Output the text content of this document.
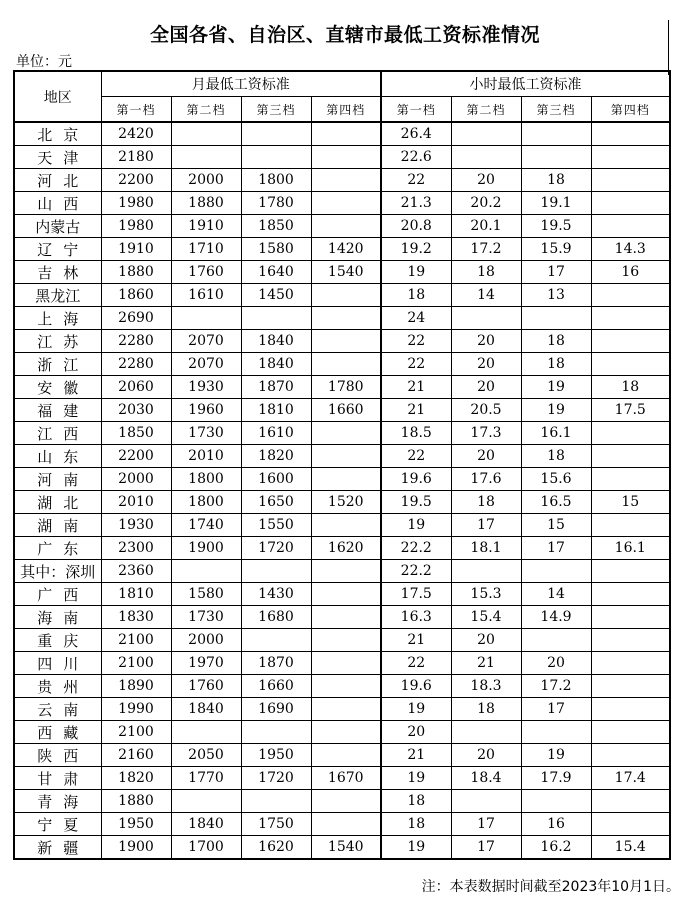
全国各省、自治区、直辖市最低工资标准情况
单位：元
地区	月最低工资标准				小时最低工资标准			
	第一档	第二档	第三档	第四档	第一档	第二档	第三档	第四档
北京	2420				26.4			
天津	2180				22.6			
河北	2200	2000	1800		22	20	18	
山西	1980	1880	1780		21.3	20.2	19.1	
内蒙古	1980	1910	1850		20.8	20.1	19.5	
辽宁	1910	1710	1580	1420	19.2	17.2	15.9	14.3
吉林	1880	1760	1640	1540	19	18	17	16
黑龙江	1860	1610	1450		18	14	13	
上海	2690				24			
江苏	2280	2070	1840		22	20	18	
浙江	2280	2070	1840		22	20	18	
安徽	2060	1930	1870	1780	21	20	19	18
福建	2030	1960	1810	1660	21	20.5	19	17.5
江西	1850	1730	1610		18.5	17.3	16.1	
山东	2200	2010	1820		22	20	18	
河南	2000	1800	1600		19.6	17.6	15.6	
湖北	2010	1800	1650	1520	19.5	18	16.5	15
湖南	1930	1740	1550		19	17	15	
广东	2300	1900	1720	1620	22.2	18.1	17	16.1
其中：深圳	2360				22.2			
广西	1810	1580	1430		17.5	15.3	14	
海南	1830	1730	1680		16.3	15.4	14.9	
重庆	2100	2000			21	20		
四川	2100	1970	1870		22	21	20	
贵州	1890	1760	1660		19.6	18.3	17.2	
云南	1990	1840	1690		19	18	17	
西藏	2100				20			
陕西	2160	2050	1950		21	20	19	
甘肃	1820	1770	1720	1670	19	18.4	17.9	17.4
青海	1880				18			
宁夏	1950	1840	1750		18	17	16	
新疆	1900	1700	1620	1540	19	17	16.2	15.4
注：本表数据时间截至2023年10月1日。
